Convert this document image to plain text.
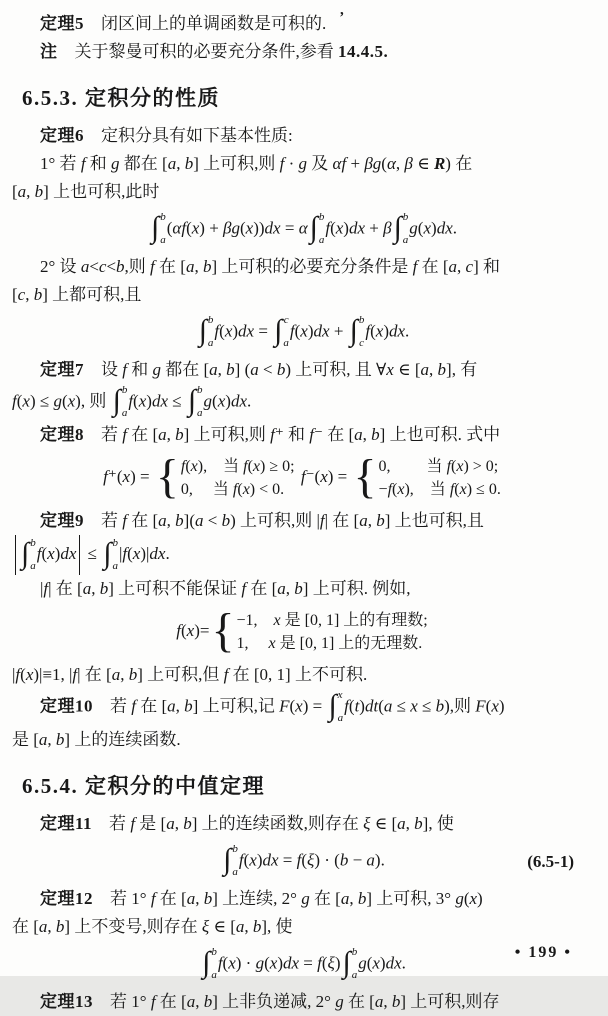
,
定理5　闭区间上的单调函数是可积的.
注　关于黎曼可积的必要充分条件,参看 14.4.5.
6.5.3. 定积分的性质
定理6　定积分具有如下基本性质:
1° 若 f 和 g 都在 [a, b] 上可积,则 f · g 及 αf + βg(α, β ∈ R) 在
[a, b] 上也可积,此时
∫ b
a
(αf(x) + βg(x))dx = α ∫ b
a
f(x)dx + β ∫ b
a
g(x)dx.
2° 设 a<c<b,则 f 在 [a, b] 上可积的必要充分条件是 f 在 [a, c] 和
[c, b] 上都可积,且
∫ b
a
f(x)dx = ∫ c
a
f(x)dx + ∫ b
c
f(x)dx.
定理7　设 f 和 g 都在 [a, b] (a < b) 上可积, 且 ∀x ∈ [a, b], 有
f(x) ≤ g(x), 则 ∫ b
a
f(x)dx ≤ ∫ b
a
g(x)dx.
定理8　若 f 在 [a, b] 上可积,则 f⁺ 和 f⁻ 在 [a, b] 上也可积. 式中
f⁺(x) = { f(x),　当 f(x) ≥ 0;
0,　 当 f(x) < 0.
f⁻(x) = { 0,　　 当 f(x) > 0;
−f(x),　当 f(x) ≤ 0.
定理9　若 f 在 [a, b](a < b) 上可积,则 |f| 在 [a, b] 上也可积,且
∫ b
a
f(x)dx ≤ ∫ b
a
|f(x)|dx.
|f| 在 [a, b] 上可积不能保证 f 在 [a, b] 上可积. 例如,
f(x)= { −1,　x 是 [0, 1] 上的有理数;
1,　 x 是 [0, 1] 上的无理数.
|f(x)|≡1, |f| 在 [a, b] 上可积,但 f 在 [0, 1] 上不可积.
定理10　若 f 在 [a, b] 上可积,记 F(x) = ∫ x
a
f(t)dt(a ≤ x ≤ b),则 F(x)
是 [a, b] 上的连续函数.
6.5.4. 定积分的中值定理
定理11　若 f 是 [a, b] 上的连续函数,则存在 ξ ∈ [a, b], 使
∫ b
a
f(x)dx = f(ξ) · (b − a).	(6.5-1)
定理12　若 1° f 在 [a, b] 上连续, 2° g 在 [a, b] 上可积, 3° g(x)
在 [a, b] 上不变号,则存在 ξ ∈ [a, b], 使
∫ b
a
f(x) · g(x)dx = f(ξ) ∫ b
a
g(x)dx.
定理13　若 1° f 在 [a, b] 上非负递减, 2° g 在 [a, b] 上可积,则存
• 199 •
